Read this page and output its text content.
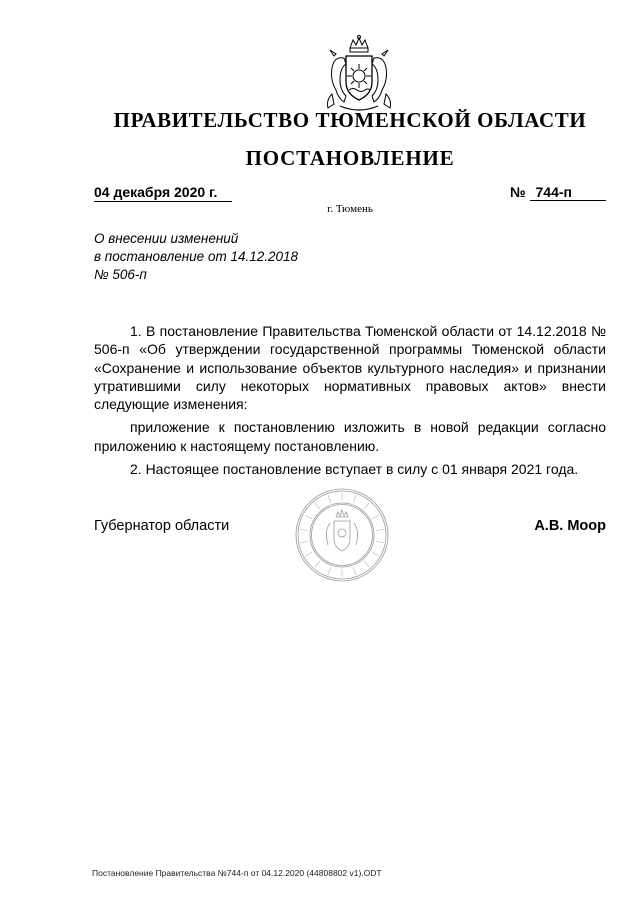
ПРАВИТЕЛЬСТВО ТЮМЕНСКОЙ ОБЛАСТИ
ПОСТАНОВЛЕНИЕ
04 декабря 2020 г.	№ 744-п
г. Тюмень
О внесении изменений
в постановление от 14.12.2018
№ 506-п

1. В постановление Правительства Тюменской области от 14.12.2018 № 506-п «Об утверждении государственной программы Тюменской области «Сохранение и использование объектов культурного наследия» и признании утратившими силу некоторых нормативных правовых актов» внести следующие изменения:

приложение к постановлению изложить в новой редакции согласно приложению к настоящему постановлению.

2. Настоящее постановление вступает в силу с 01 января 2021 года.

Губернатор области	А.В. Моор
Постановление Правительства №744-п от 04.12.2020 (44808802 v1).ODT
